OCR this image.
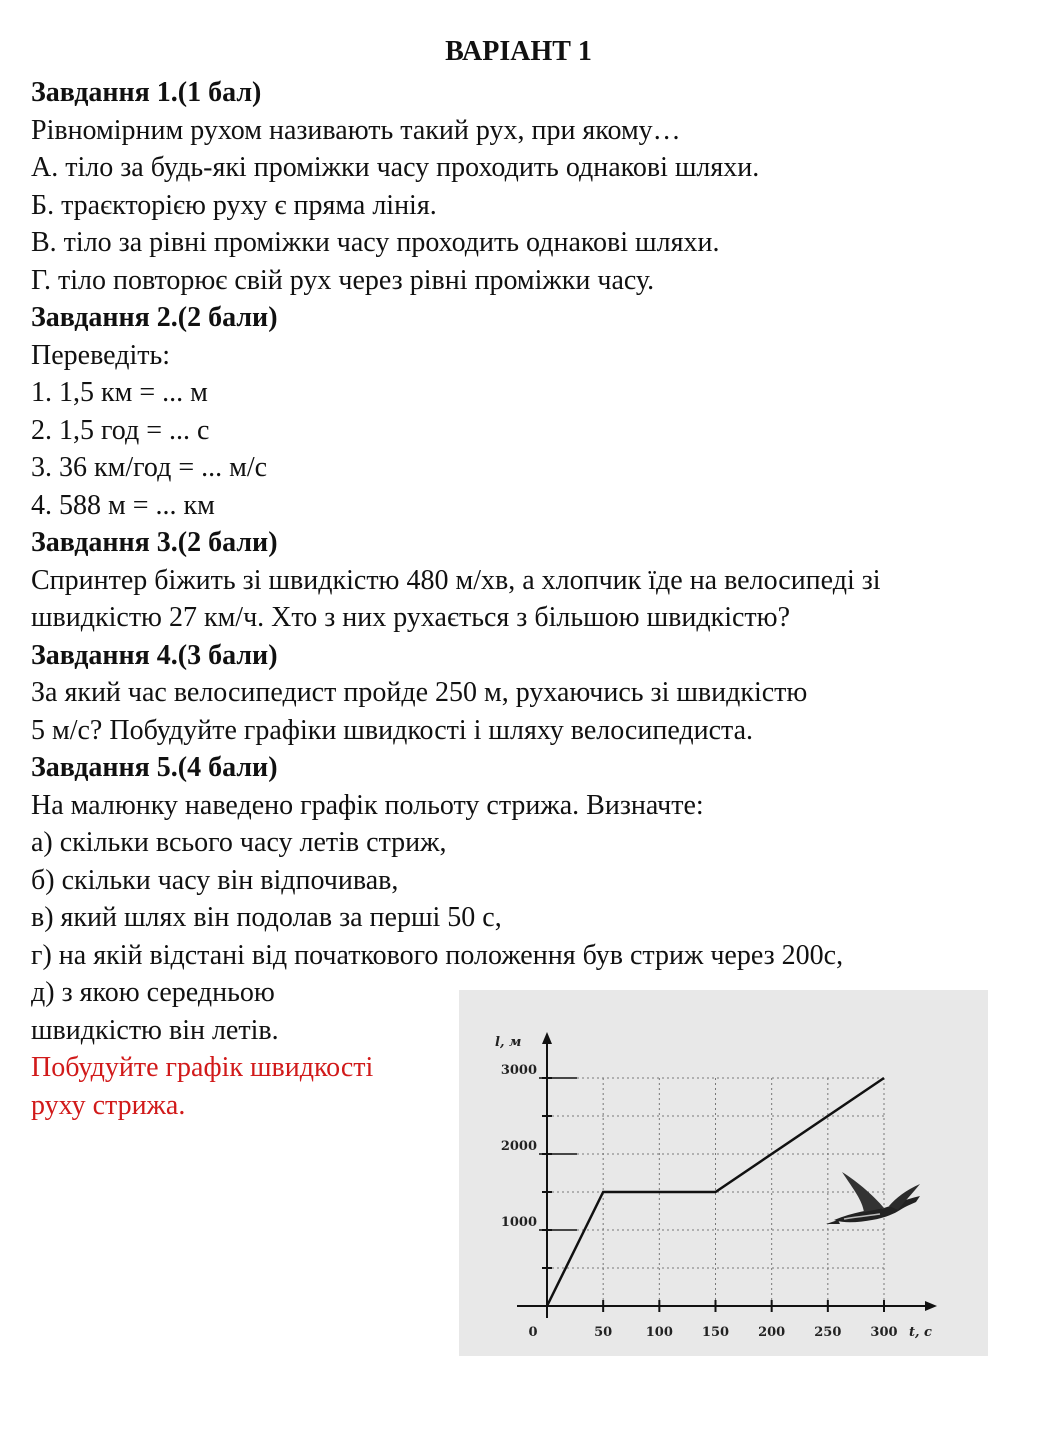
ВАРІАНТ 1
Завдання 1.(1 бал)
Рівномірним рухом називають такий рух, при якому…
А. тіло за будь-які проміжки часу проходить однакові шляхи.
Б. траєкторією руху є пряма лінія.
В. тіло за рівні проміжки часу проходить однакові шляхи.
Г. тіло повторює свій рух через рівні проміжки часу.
Завдання 2.(2 бали)
Переведіть:
1. 1,5 км = ... м
2. 1,5 год = ... с
3. 36 км/год = ... м/с
4. 588 м = ... км
Завдання 3.(2 бали)
Спринтер біжить зі швидкістю 480 м/хв, а хлопчик їде на велосипеді зі
швидкістю 27 км/ч. Хто з них рухається з більшою швидкістю?
Завдання 4.(3 бали)
За який час велосипедист пройде 250 м, рухаючись зі швидкістю
5 м/с? Побудуйте графіки швидкості і шляху велосипедиста.
Завдання 5.(4 бали)
На малюнку наведено графік польоту стрижа. Визначте:
а) скільки всього часу летів стриж,
б) скільки часу він відпочивав,
в) який шлях він подолав за перші 50 с,
г) на якій відстані від початкового положення був стриж через 200с,
д) з якою середньою
швидкістю він летів.
Побудуйте графік швидкості
руху стрижа.
1000
2000
3000
0	50	100 150 200 250 300
l, м
t, c
